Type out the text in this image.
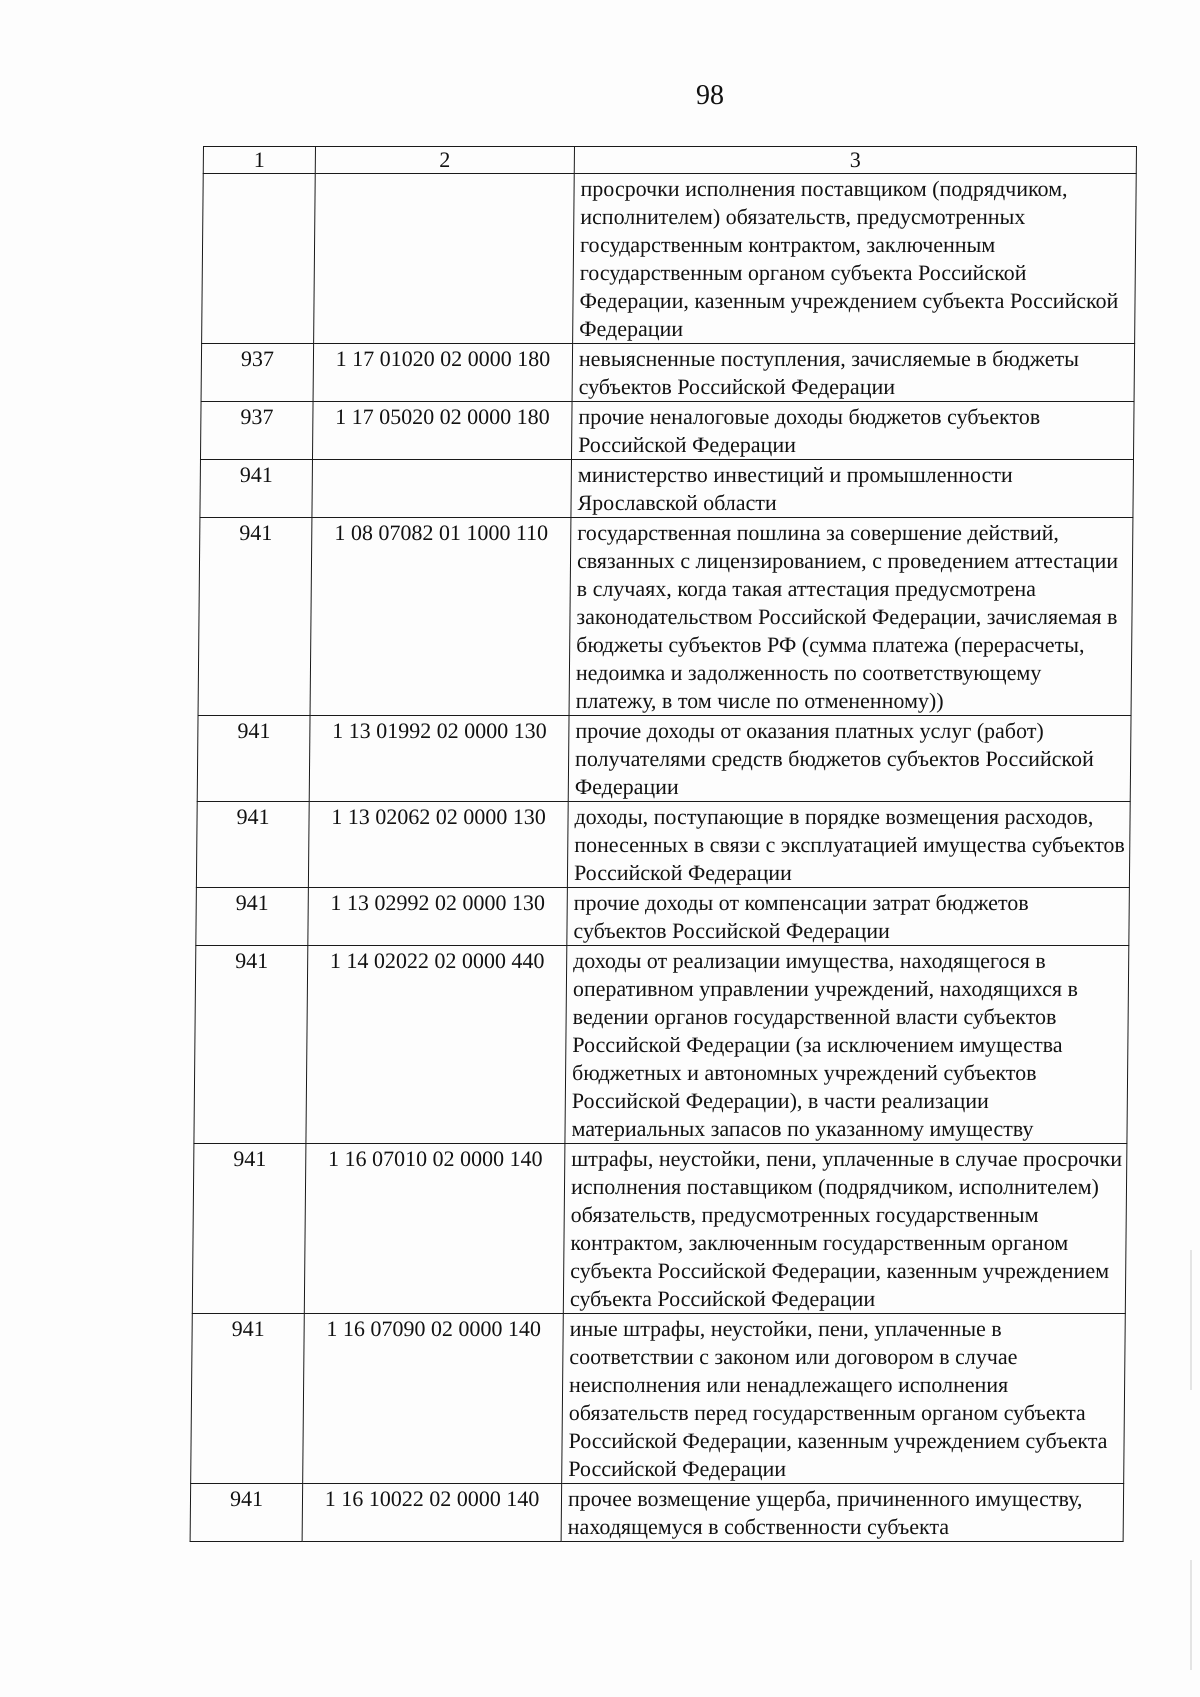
98
1	2	3
		просрочки исполнения поставщиком (подрядчиком, исполнителем) обязательств, предусмотренных государственным контрактом, заключенным государственным органом субъекта Российской Федерации, казенным учреждением субъекта Российской Федерации
937	1 17 01020 02 0000 180	невыясненные поступления, зачисляемые в бюджеты субъектов Российской Федерации
937	1 17 05020 02 0000 180	прочие неналоговые доходы бюджетов субъектов Российской Федерации
941		министерство инвестиций и промышленности Ярославской области
941	1 08 07082 01 1000 110	государственная пошлина за совершение действий, связанных с лицензированием, с проведением аттестации в случаях, когда такая аттестация предусмотрена законодательством Российской Федерации, зачисляемая в бюджеты субъектов РФ (сумма платежа (перерасчеты, недоимка и задолженность по соответствующему платежу, в том числе по отмененному))
941	1 13 01992 02 0000 130	прочие доходы от оказания платных услуг (работ) получателями средств бюджетов субъектов Российской Федерации
941	1 13 02062 02 0000 130	доходы, поступающие в порядке возмещения расходов, понесенных в связи с эксплуатацией имущества субъектов Российской Федерации
941	1 13 02992 02 0000 130	прочие доходы от компенсации затрат бюджетов субъектов Российской Федерации
941	1 14 02022 02 0000 440	доходы от реализации имущества, находящегося в оперативном управлении учреждений, находящихся в ведении органов государственной власти субъектов Российской Федерации (за исключением имущества бюджетных и автономных учреждений субъектов Российской Федерации), в части реализации материальных запасов по указанному имуществу
941	1 16 07010 02 0000 140	штрафы, неустойки, пени, уплаченные в случае просрочки исполнения поставщиком (подрядчиком, исполнителем) обязательств, предусмотренных государственным контрактом, заключенным государственным органом субъекта Российской Федерации, казенным учреждением субъекта Российской Федерации
941	1 16 07090 02 0000 140	иные штрафы, неустойки, пени, уплаченные в соответствии с законом или договором в случае неисполнения или ненадлежащего исполнения обязательств перед государственным органом субъекта Российской Федерации, казенным учреждением субъекта Российской Федерации
941	1 16 10022 02 0000 140	прочее возмещение ущерба, причиненного имуществу, находящемуся в собственности субъекта
